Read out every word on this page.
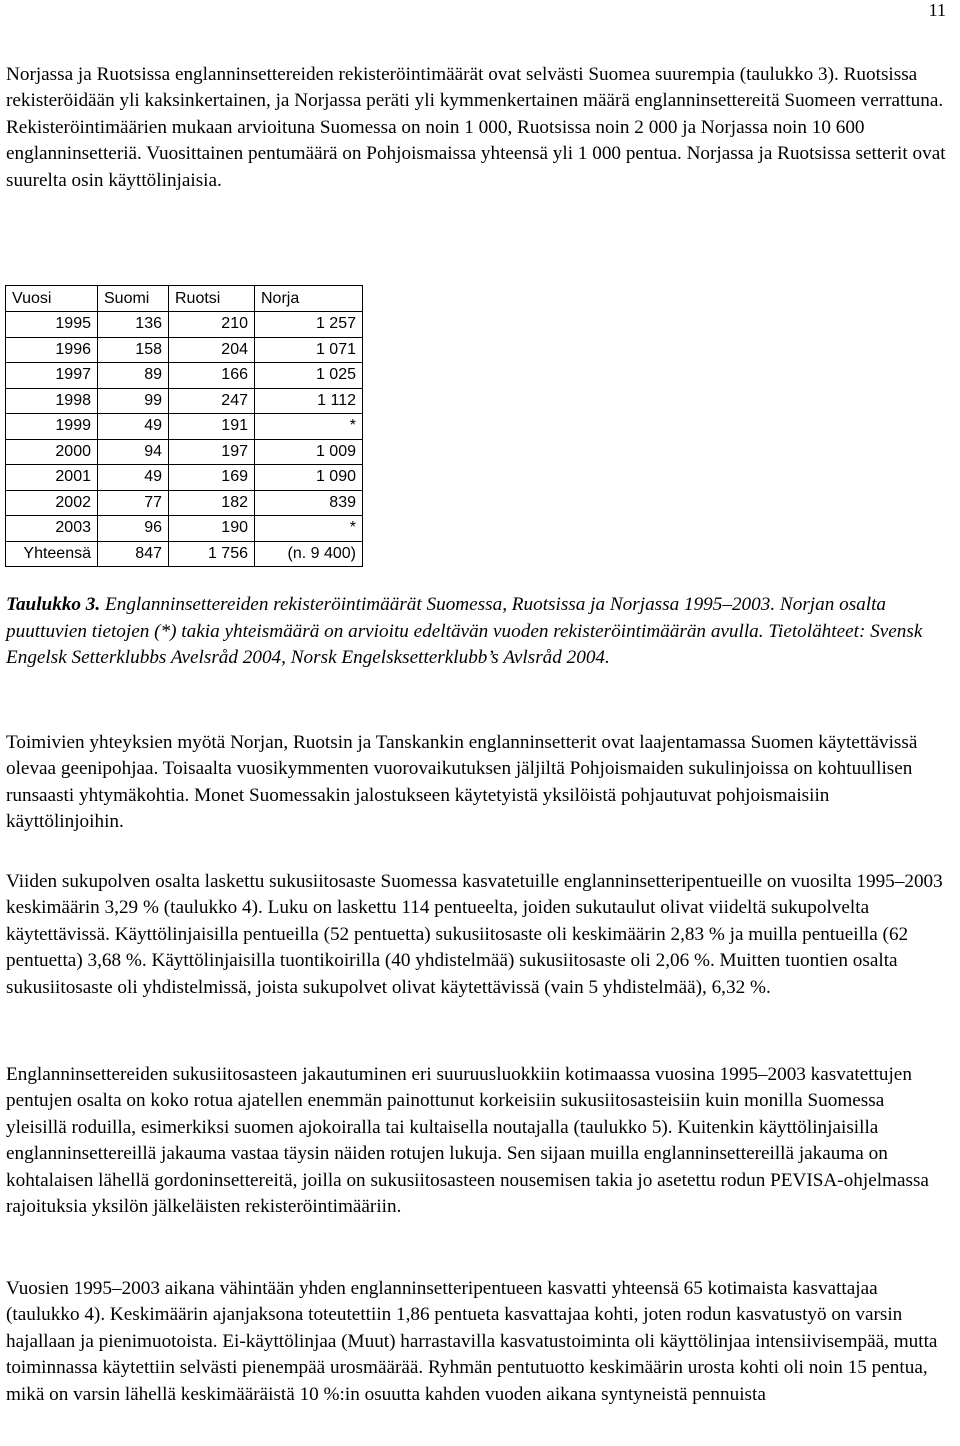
11

Norjassa ja Ruotsissa englanninsettereiden rekisteröintimäärät ovat selvästi Suomea suurempia (taulukko 3). Ruotsissa rekisteröidään yli kaksinkertainen, ja Norjassa peräti yli kymmenkertainen määrä englanninsettereitä Suomeen verrattuna. Rekisteröintimäärien mukaan arvioituna Suomessa on noin 1 000, Ruotsissa noin 2 000 ja Norjassa noin 10 600 englanninsetteriä. Vuosittainen pentumäärä on Pohjoismaissa yhteensä yli 1 000 pentua. Norjassa ja Ruotsissa setterit ovat suurelta osin käyttölinjaisia.

Vuosi	Suomi	Ruotsi	Norja
1995	136	210	1 257
1996	158	204	1 071
1997	89	166	1 025
1998	99	247	1 112
1999	49	191	*
2000	94	197	1 009
2001	49	169	1 090
2002	77	182	839
2003	96	190	*
Yhteensä	847	1 756	(n. 9 400)

Taulukko 3. Englanninsettereiden rekisteröintimäärät Suomessa, Ruotsissa ja Norjassa 1995–2003. Norjan osalta puuttuvien tietojen (*) takia yhteismäärä on arvioitu edeltävän vuoden rekisteröintimäärän avulla. Tietolähteet: Svensk Engelsk Setterklubbs Avelsråd 2004, Norsk Engelsksetterklubb’s Avlsråd 2004.

Toimivien yhteyksien myötä Norjan, Ruotsin ja Tanskankin englanninsetterit ovat laajentamassa Suomen käytettävissä olevaa geenipohjaa. Toisaalta vuosikymmenten vuorovaikutuksen jäljiltä Pohjoismaiden sukulinjoissa on kohtuullisen runsaasti yhtymäkohtia. Monet Suomessakin jalostukseen käytetyistä yksilöistä pohjautuvat pohjoismaisiin käyttölinjoihin.

Viiden sukupolven osalta laskettu sukusiitosaste Suomessa kasvatetuille englanninsetteripentueille on vuosilta 1995–2003 keskimäärin 3,29 % (taulukko 4). Luku on laskettu 114 pentueelta, joiden sukutaulut olivat viideltä sukupolvelta käytettävissä. Käyttölinjaisilla pentueilla (52 pentuetta) sukusiitosaste oli keskimäärin 2,83 % ja muilla pentueilla (62 pentuetta) 3,68 %. Käyttölinjaisilla tuontikoirilla (40 yhdistelmää) sukusiitosaste oli 2,06 %. Muitten tuontien osalta sukusiitosaste oli yhdistelmissä, joista sukupolvet olivat käytettävissä (vain 5 yhdistelmää), 6,32 %.

Englanninsettereiden sukusiitosasteen jakautuminen eri suuruusluokkiin kotimaassa vuosina 1995–2003 kasvatettujen pentujen osalta on koko rotua ajatellen enemmän painottunut korkeisiin sukusiitosasteisiin kuin monilla Suomessa yleisillä roduilla, esimerkiksi suomen ajokoiralla tai kultaisella noutajalla (taulukko 5). Kuitenkin käyttölinjaisilla englanninsettereillä jakauma vastaa täysin näiden rotujen lukuja. Sen sijaan muilla englanninsettereillä jakauma on kohtalaisen lähellä gordoninsettereitä, joilla on sukusiitosasteen nousemisen takia jo asetettu rodun PEVISA-ohjelmassa rajoituksia yksilön jälkeläisten rekisteröintimääriin.

Vuosien 1995–2003 aikana vähintään yhden englanninsetteripentueen kasvatti yhteensä 65 kotimaista kasvattajaa (taulukko 4). Keskimäärin ajanjaksona toteutettiin 1,86 pentueta kasvattajaa kohti, joten rodun kasvatustyö on varsin hajallaan ja pienimuotoista. Ei-käyttölinjaa (Muut) harrastavilla kasvatustoiminta oli käyttölinjaa intensiivisempää, mutta toiminnassa käytettiin selvästi pienempää urosmäärää. Ryhmän pentutuotto keskimäärin urosta kohti oli noin 15 pentua, mikä on varsin lähellä keskimääräistä 10 %:in osuutta kahden vuoden aikana syntyneistä pennuista
